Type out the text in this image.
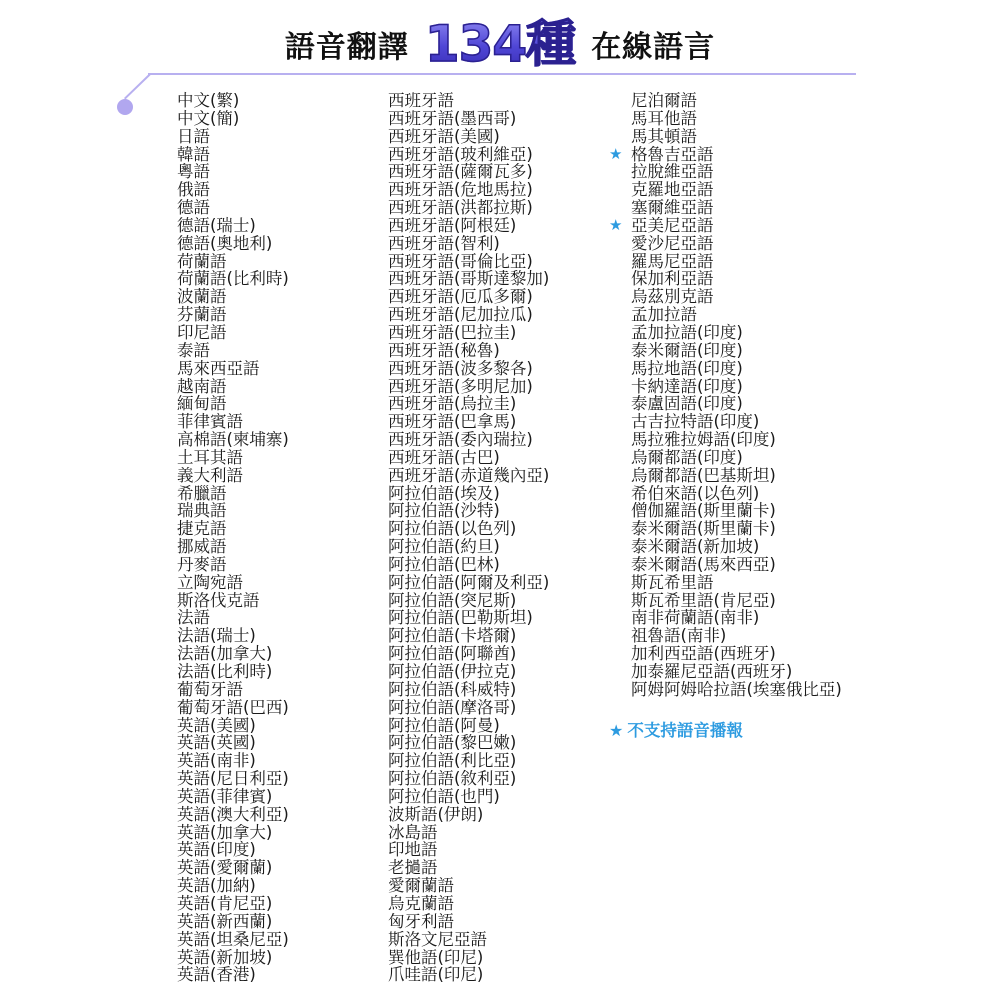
語音翻譯 134種 在線語言
中文(繁)
中文(簡)
日語
韓語
粵語
俄語
德語
德語(瑞士)
德語(奧地利)
荷蘭語
荷蘭語(比利時)
波蘭語
芬蘭語
印尼語
泰語
馬來西亞語
越南語
緬甸語
菲律賓語
高棉語(柬埔寨)
土耳其語
義大利語
希臘語
瑞典語
捷克語
挪威語
丹麥語
立陶宛語
斯洛伐克語
法語
法語(瑞士)
法語(加拿大)
法語(比利時)
葡萄牙語
葡萄牙語(巴西)
英語(美國)
英語(英國)
英語(南非)
英語(尼日利亞)
英語(菲律賓)
英語(澳大利亞)
英語(加拿大)
英語(印度)
英語(愛爾蘭)
英語(加納)
英語(肯尼亞)
英語(新西蘭)
英語(坦桑尼亞)
英語(新加坡)
英語(香港)
西班牙語
西班牙語(墨西哥)
西班牙語(美國)
西班牙語(玻利維亞)
西班牙語(薩爾瓦多)
西班牙語(危地馬拉)
西班牙語(洪都拉斯)
西班牙語(阿根廷)
西班牙語(智利)
西班牙語(哥倫比亞)
西班牙語(哥斯達黎加)
西班牙語(厄瓜多爾)
西班牙語(尼加拉瓜)
西班牙語(巴拉圭)
西班牙語(秘魯)
西班牙語(波多黎各)
西班牙語(多明尼加)
西班牙語(烏拉圭)
西班牙語(巴拿馬)
西班牙語(委內瑞拉)
西班牙語(古巴)
西班牙語(赤道幾內亞)
阿拉伯語(埃及)
阿拉伯語(沙特)
阿拉伯語(以色列)
阿拉伯語(約旦)
阿拉伯語(巴林)
阿拉伯語(阿爾及利亞)
阿拉伯語(突尼斯)
阿拉伯語(巴勒斯坦)
阿拉伯語(卡塔爾)
阿拉伯語(阿聯酋)
阿拉伯語(伊拉克)
阿拉伯語(科威特)
阿拉伯語(摩洛哥)
阿拉伯語(阿曼)
阿拉伯語(黎巴嫩)
阿拉伯語(利比亞)
阿拉伯語(敘利亞)
阿拉伯語(也門)
波斯語(伊朗)
冰島語
印地語
老撾語
愛爾蘭語
烏克蘭語
匈牙利語
斯洛文尼亞語
巽他語(印尼)
爪哇語(印尼)
尼泊爾語
馬耳他語
馬其頓語
★ 格魯吉亞語
拉脫維亞語
克羅地亞語
塞爾維亞語
★ 亞美尼亞語
愛沙尼亞語
羅馬尼亞語
保加利亞語
烏茲別克語
孟加拉語
孟加拉語(印度)
泰米爾語(印度)
馬拉地語(印度)
卡納達語(印度)
泰盧固語(印度)
古吉拉特語(印度)
馬拉雅拉姆語(印度)
烏爾都語(印度)
烏爾都語(巴基斯坦)
希伯來語(以色列)
僧伽羅語(斯里蘭卡)
泰米爾語(斯里蘭卡)
泰米爾語(新加坡)
泰米爾語(馬來西亞)
斯瓦希里語
斯瓦希里語(肯尼亞)
南非荷蘭語(南非)
祖魯語(南非)
加利西亞語(西班牙)
加泰羅尼亞語(西班牙)
阿姆阿姆哈拉語(埃塞俄比亞)
★ 不支持語音播報
